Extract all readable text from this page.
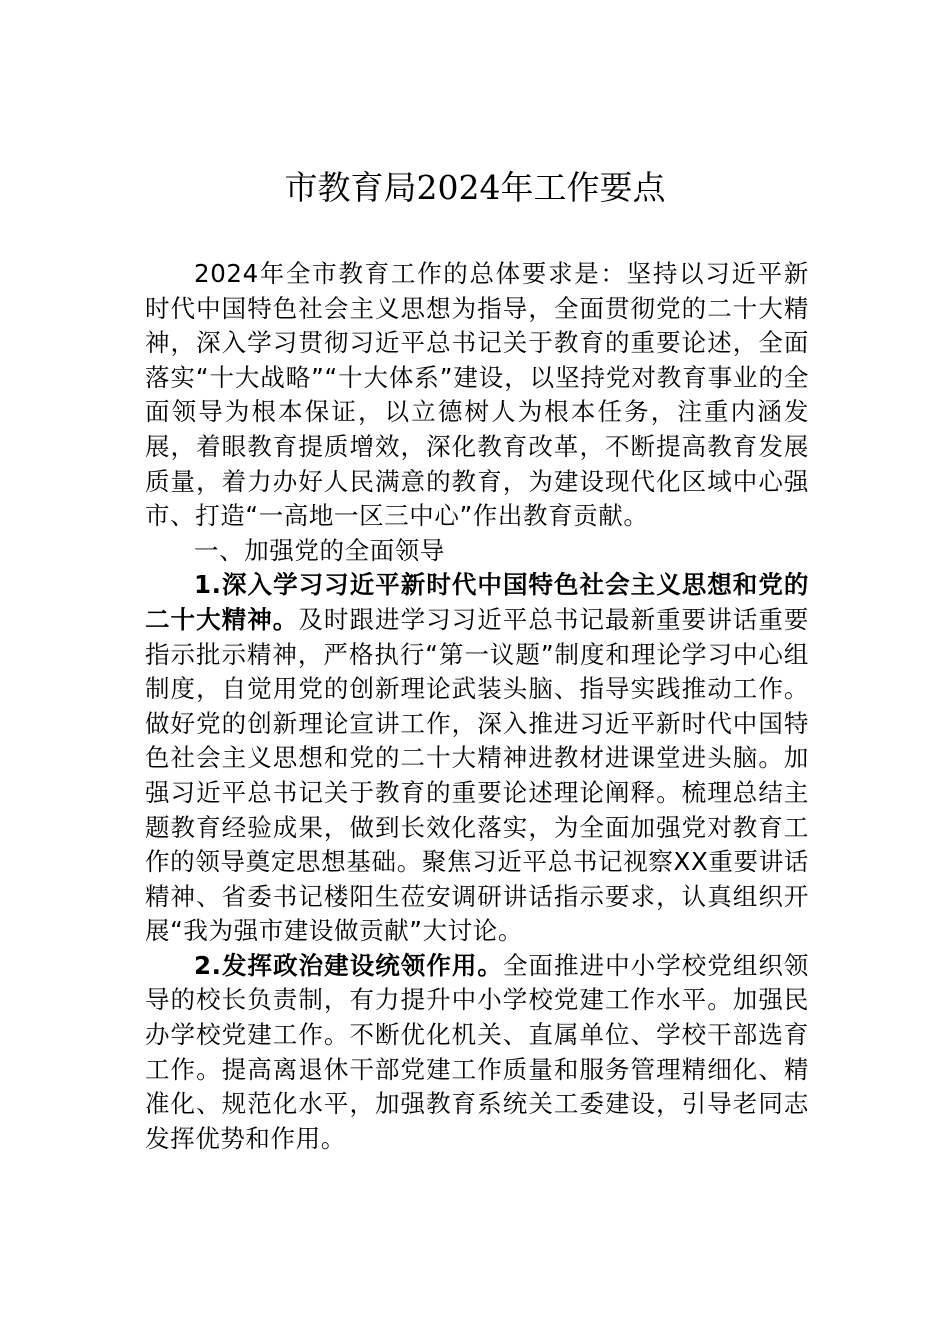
市教育局2024年工作要点

2024年全市教育工作的总体要求是：坚持以习近平新时代中国特色社会主义思想为指导，全面贯彻党的二十大精神，深入学习贯彻习近平总书记关于教育的重要论述，全面落实“十大战略”“十大体系”建设，以坚持党对教育事业的全面领导为根本保证，以立德树人为根本任务，注重内涵发展，着眼教育提质增效，深化教育改革，不断提高教育发展质量，着力办好人民满意的教育，为建设现代化区域中心强市、打造“一高地一区三中心”作出教育贡献。

一、加强党的全面领导

1.深入学习习近平新时代中国特色社会主义思想和党的二十大精神。及时跟进学习习近平总书记最新重要讲话重要指示批示精神，严格执行“第一议题”制度和理论学习中心组制度，自觉用党的创新理论武装头脑、指导实践推动工作。做好党的创新理论宣讲工作，深入推进习近平新时代中国特色社会主义思想和党的二十大精神进教材进课堂进头脑。加强习近平总书记关于教育的重要论述理论阐释。梳理总结主题教育经验成果，做到长效化落实，为全面加强党对教育工作的领导奠定思想基础。聚焦习近平总书记视察XX重要讲话精神、省委书记楼阳生莅安调研讲话指示要求，认真组织开展“我为强市建设做贡献”大讨论。

2.发挥政治建设统领作用。全面推进中小学校党组织领导的校长负责制，有力提升中小学校党建工作水平。加强民办学校党建工作。不断优化机关、直属单位、学校干部选育工作。提高离退休干部党建工作质量和服务管理精细化、精准化、规范化水平，加强教育系统关工委建设，引导老同志发挥优势和作用。
